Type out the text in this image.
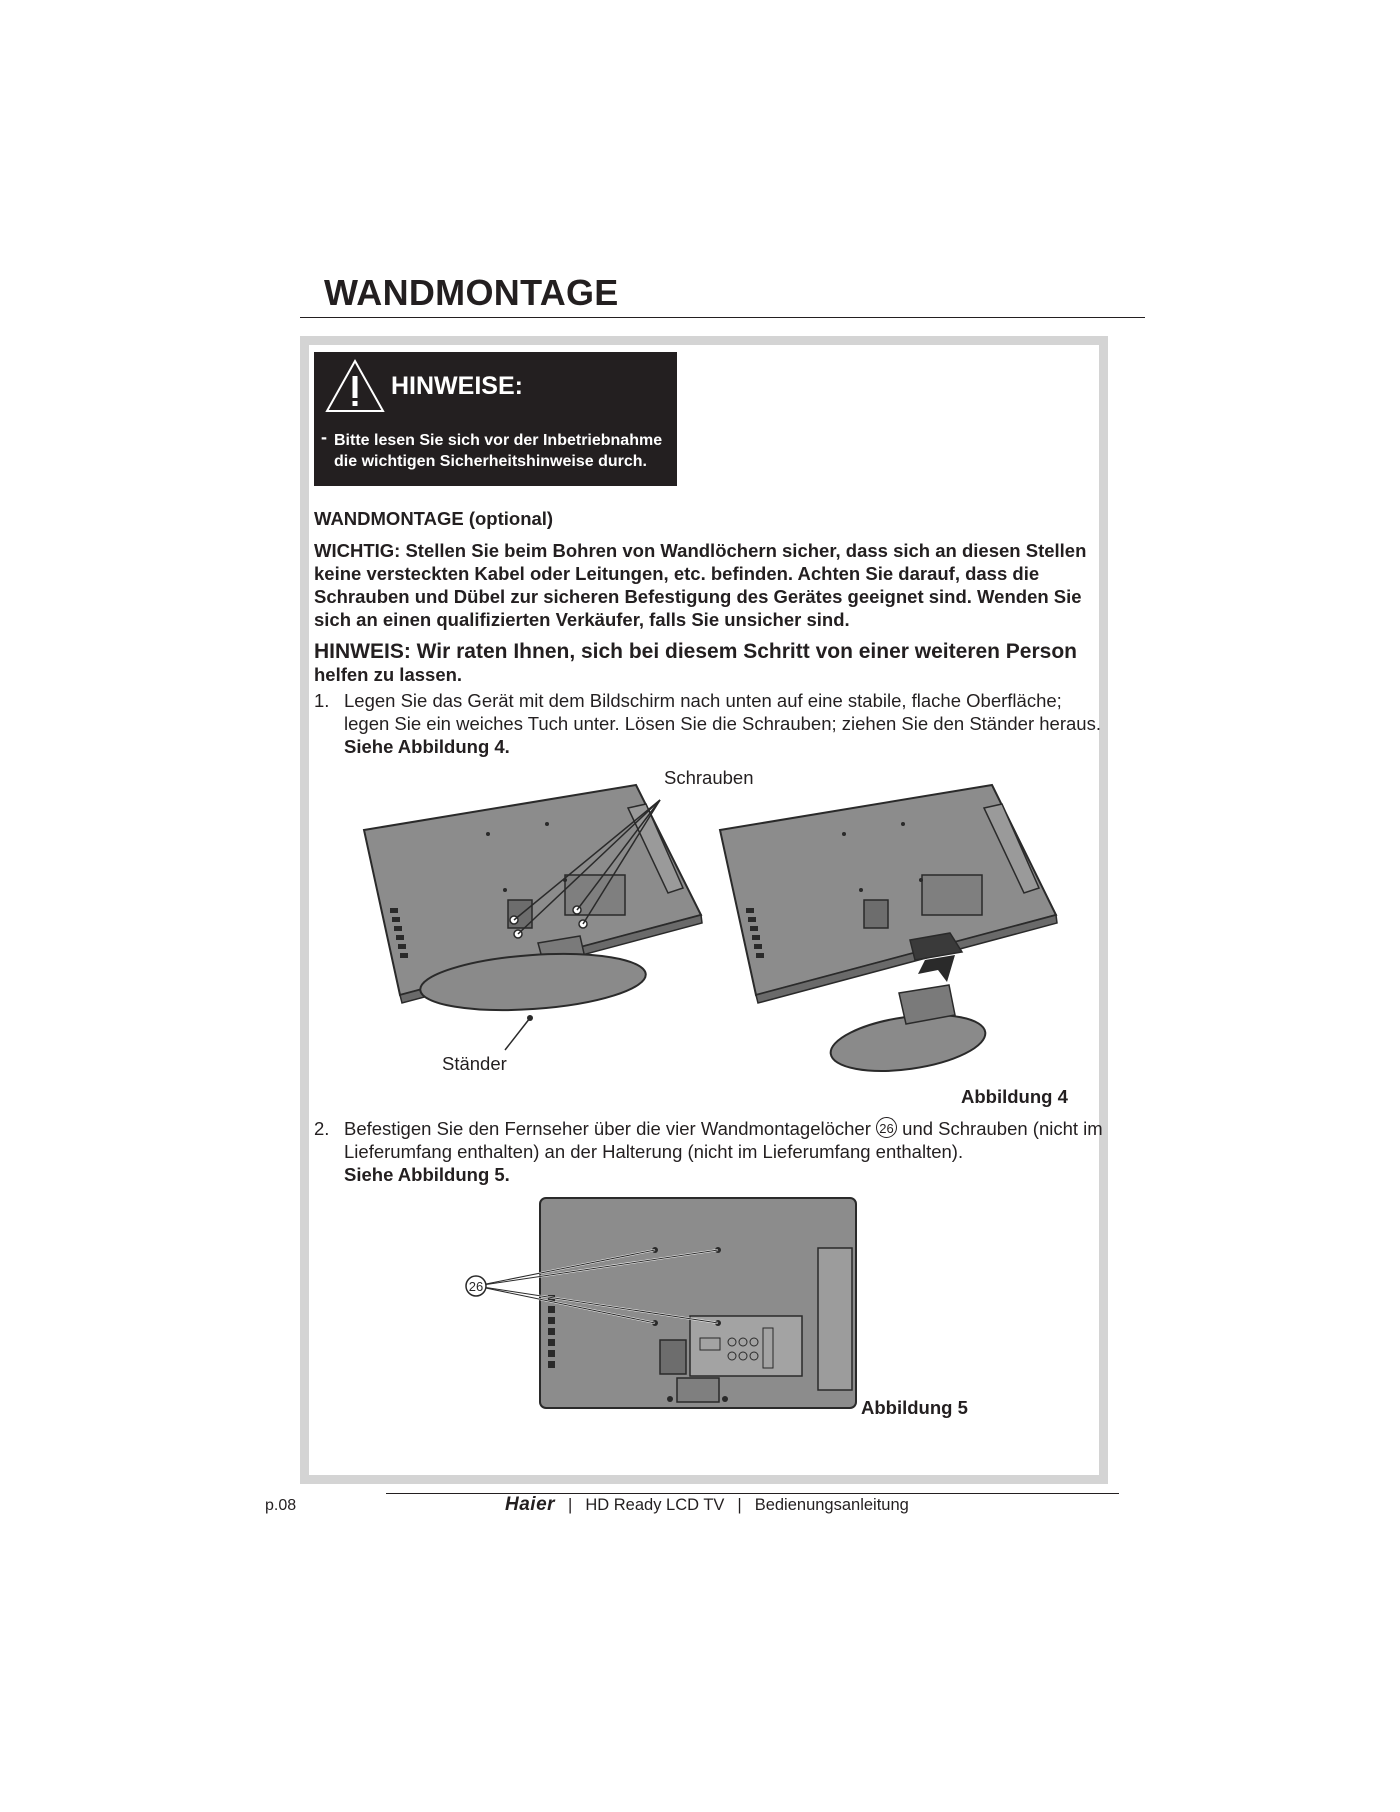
WANDMONTAGE
HINWEISE:
- Bitte lesen Sie sich vor der Inbetriebnahme die wichtigen Sicherheitshinweise durch.

WANDMONTAGE (optional)

WICHTIG: Stellen Sie beim Bohren von Wandlöchern sicher, dass sich an diesen Stellen keine versteckten Kabel oder Leitungen, etc. befinden. Achten Sie darauf, dass die Schrauben und Dübel zur sicheren Befestigung des Gerätes geeignet sind. Wenden Sie sich an einen qualifizierten Verkäufer, falls Sie unsicher sind.

HINWEIS: Wir raten Ihnen, sich bei diesem Schritt von einer weiteren Person

helfen zu lassen.

1. Legen Sie das Gerät mit dem Bildschirm nach unten auf eine stabile, flache Oberfläche; legen Sie ein weiches Tuch unter. Lösen Sie die Schrauben; ziehen Sie den Ständer heraus. Siehe Abbildung 4.
Schrauben
Ständer
Abbildung 4
2. Befestigen Sie den Fernseher über die vier Wandmontagelöcher 26 und Schrauben (nicht im Lieferumfang enthalten) an der Halterung (nicht im Lieferumfang enthalten).
Siehe Abbildung 5.
26
Abbildung 5
p.08	Haier | HD Ready LCD TV | Bedienungsanleitung
